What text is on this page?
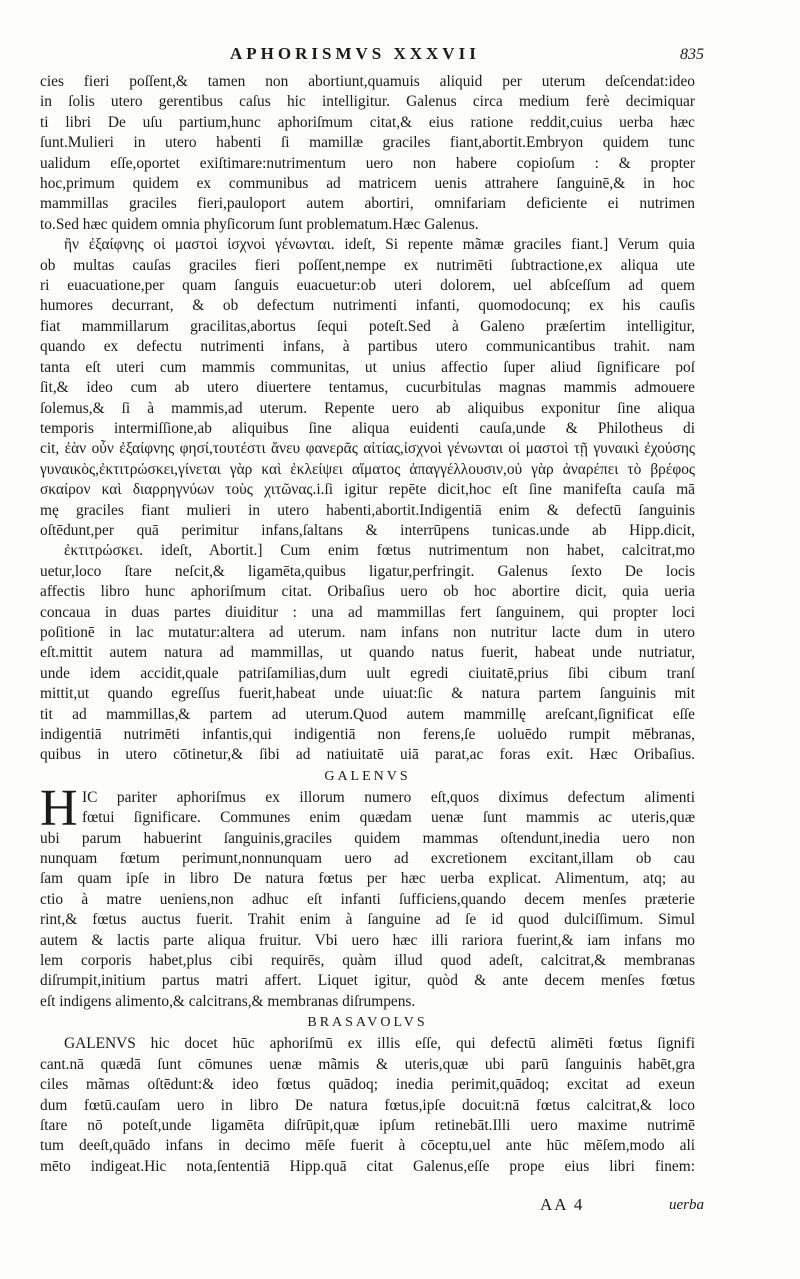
APHORISMVS XXXVII	835
cies fieri poſſent,& tamen non abortiunt,quamuis aliquid per uterum deſcendat:ideo
in ſolis utero gerentibus caſus hic intelligitur. Galenus circa medium ferè decimiquar
ti libri De uſu partium,hunc aphoriſmum citat,& eius ratione reddit,cuius uerba hæc
ſunt.Mulieri in utero habenti ſi mamillæ graciles fiant,abortit.Embryon quidem tunc
ualidum eſſe,oportet exiſtimare:nutrimentum uero non habere copioſum : & propter
hoc,primum quidem ex communibus ad matricem uenis attrahere ſanguinē,& in hoc
mammillas graciles fieri,pauloport autem abortiri, omnifariam deficiente ei nutrimen
to.Sed hæc quidem omnia phyſicorum ſunt problematum.Hæc Galenus.
ἢν ἐξαίφνης οἱ μαστοὶ ἰσχνοὶ γένωνται. ideſt, Si repente mãmæ graciles fiant.] Verum quia
ob multas cauſas graciles fieri poſſent,nempe ex nutrimēti ſubtractione,ex aliqua ute
ri euacuatione,per quam ſanguis euacuetur:ob uteri dolorem, uel abſceſſum ad quem
humores decurrant, & ob defectum nutrimenti infanti, quomodocunq; ex his cauſis
fiat mammillarum gracilitas,abortus ſequi poteſt.Sed à Galeno præſertim intelligitur,
quando ex defectu nutrimenti infans, à partibus utero communicantibus trahit. nam
tanta eſt uteri cum mammis communitas, ut unius affectio ſuper aliud ſignificare poſ
ſit,& ideo cum ab utero diuertere tentamus, cucurbitulas magnas mammis admouere
ſolemus,& ſi à mammis,ad uterum. Repente uero ab aliquibus exponitur ſine aliqua
temporis intermiſſione,ab aliquibus ſine aliqua euidenti cauſa,unde & Philotheus di
cit, ἐὰν οὖν ἐξαίφνης φησί,τουτέστι ἄνευ φανερᾶς αἰτίας,ἰσχνοὶ γένωνται οἱ μαστοὶ τῇ γυναικὶ ἐχούσης
γυναικὸς,ἐκτιτρώσκει,γίνεται γὰρ καὶ ἐκλείψει αἵματος ἀπαγγέλλουσιν,οὐ γὰρ ἀναρέπει τὸ βρέφος
σκαίρον καὶ διαρρηγνύων τοὺς χιτῶνας.i.ſi igitur repēte dicit,hoc eſt ſine manifeſta cauſa mā
mę graciles fiant mulieri in utero habenti,abortit.Indigentiā enim & defectū ſanguinis
oſtēdunt,per quā perimitur infans,ſaltans & interrūpens tunicas.unde ab Hipp.dicit,
ἐκτιτρώσκει. ideſt, Abortit.] Cum enim fœtus nutrimentum non habet, calcitrat,mo
uetur,loco ſtare neſcit,& ligamēta,quibus ligatur,perfringit. Galenus ſexto De locis
affectis libro hunc aphoriſmum citat. Oribaſius uero ob hoc abortire dicit, quia ueria
concaua in duas partes diuiditur : una ad mammillas fert ſanguinem, qui propter loci
poſitionē in lac mutatur:altera ad uterum. nam infans non nutritur lacte dum in utero
eſt.mittit autem natura ad mammillas, ut quando natus fuerit, habeat unde nutriatur,
unde idem accidit,quale patriſamilias,dum uult egredi ciuitatē,prius ſibi cibum tranſ
mittit,ut quando egreſſus fuerit,habeat unde uiuat:ſic & natura partem ſanguinis mit
tit ad mammillas,& partem ad uterum.Quod autem mammillę areſcant,ſignificat eſſe
indigentiā nutrimēti infantis,qui indigentiā non ferens,ſe uoluēdo rumpit mēbranas,
quibus in utero cōtinetur,& ſibi ad natiuitatē uiā parat,ac foras exit. Hæc Oribaſius.
GALENVS
H IC pariter aphoriſmus ex illorum numero eſt,quos diximus defectum alimenti
fœtui ſignificare. Communes enim quædam uenæ ſunt mammis ac uteris,quæ
ubi parum habuerint ſanguinis,graciles quidem mammas oſtendunt,inedia uero non
nunquam fœtum perimunt,nonnunquam uero ad excretionem excitant,illam ob cau
ſam quam ipſe in libro De natura fœtus per hæc uerba explicat. Alimentum, atq; au
ctio à matre ueniens,non adhuc eſt infanti ſufficiens,quando decem menſes præterie
rint,& fœtus auctus fuerit. Trahit enim à ſanguine ad ſe id quod dulciſſimum. Simul
autem & lactis parte aliqua fruitur. Vbi uero hæc illi rariora fuerint,& iam infans mo
lem corporis habet,plus cibi requirēs, quàm illud quod adeſt, calcitrat,& membranas
diſrumpit,initium partus matri affert. Liquet igitur, quòd & ante decem menſes fœtus
eſt indigens alimento,& calcitrans,& membranas diſrumpens.
BRASAVOLVS
GALENVS hic docet hūc aphoriſmū ex illis eſſe, qui defectū alimēti fœtus ſignifi
cant.nā quædā ſunt cōmunes uenæ mãmis & uteris,quæ ubi parū ſanguinis habēt,gra
ciles mãmas oſtēdunt:& ideo fœtus quādoq; inedia perimit,quādoq; excitat ad exeun
dum fœtū.cauſam uero in libro De natura fœtus,ipſe docuit:nā fœtus calcitrat,& loco
ſtare nō poteſt,unde ligamēta diſrūpit,quæ ipſum retinebāt.Illi uero maxime nutrimē
tum deeſt,quādo infans in decimo mēſe fuerit à cōceptu,uel ante hūc mēſem,modo ali
mēto indigeat.Hic nota,ſententiā Hipp.quā citat Galenus,eſſe prope eius libri finem:
AA 4	uerba
